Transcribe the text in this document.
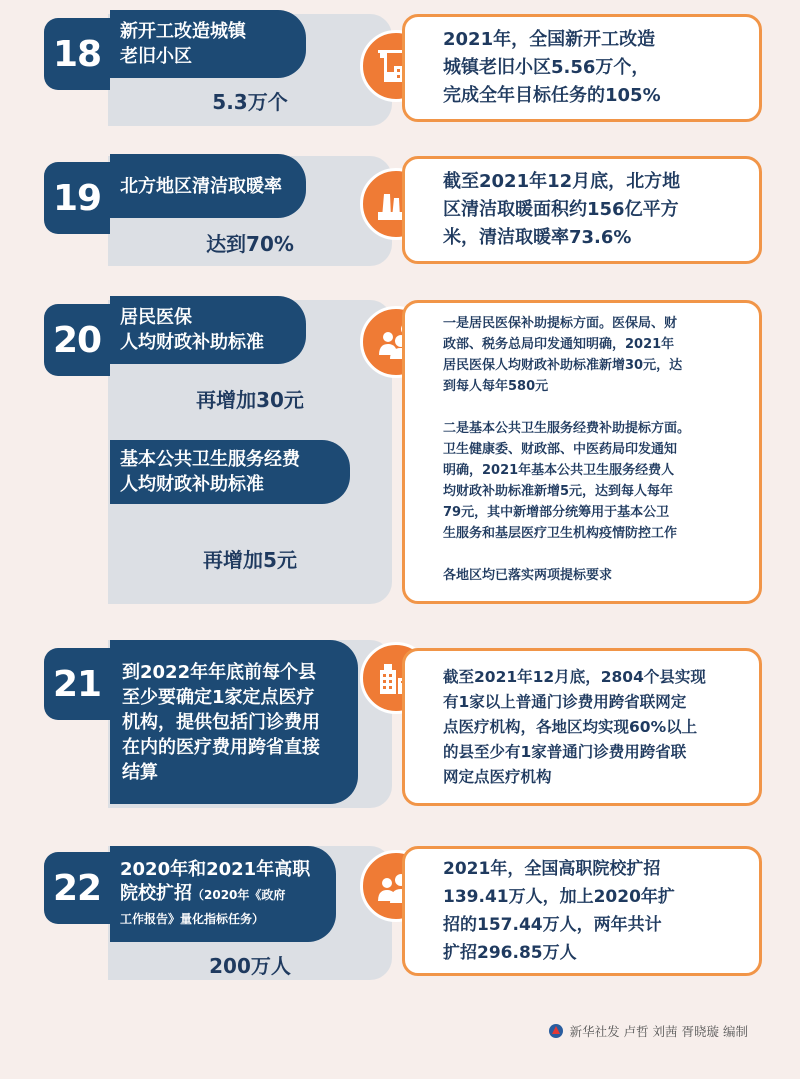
18
新开工改造城镇
老旧小区
5.3万个
2021年，全国新开工改造
城镇老旧小区5.56万个，
完成全年目标任务的105%
19	北方地区清洁取暖率
达到70%
截至2021年12月底，北方地
区清洁取暖面积约156亿平方
米，清洁取暖率73.6%
20
居民医保
人均财政补助标准
再增加30元
基本公共卫生服务经费
人均财政补助标准
再增加5元

一是居民医保补助提标方面。医保局、财
政部、税务总局印发通知明确，2021年
居民医保人均财政补助标准新增30元，达
到每人每年580元

二是基本公共卫生服务经费补助提标方面。
卫生健康委、财政部、中医药局印发通知
明确，2021年基本公共卫生服务经费人
均财政补助标准新增5元，达到每人每年
79元，其中新增部分统筹用于基本公卫
生服务和基层医疗卫生机构疫情防控工作

各地区均已落实两项提标要求

21	到2022年年底前每个县
至少要确定1家定点医疗
机构，提供包括门诊费用
在内的医疗费用跨省直接
结算
截至2021年12月底，2804个县实现
有1家以上普通门诊费用跨省联网定
点医疗机构，各地区均实现60%以上
的县至少有1家普通门诊费用跨省联
网定点医疗机构
22	2020年和2021年高职
院校扩招（2020年《政府
工作报告》量化指标任务）
200万人
2021年，全国高职院校扩招
139.41万人，加上2020年扩
招的157.44万人，两年共计
扩招296.85万人
新华社发 卢哲 刘茜 胥晓璇 编制
